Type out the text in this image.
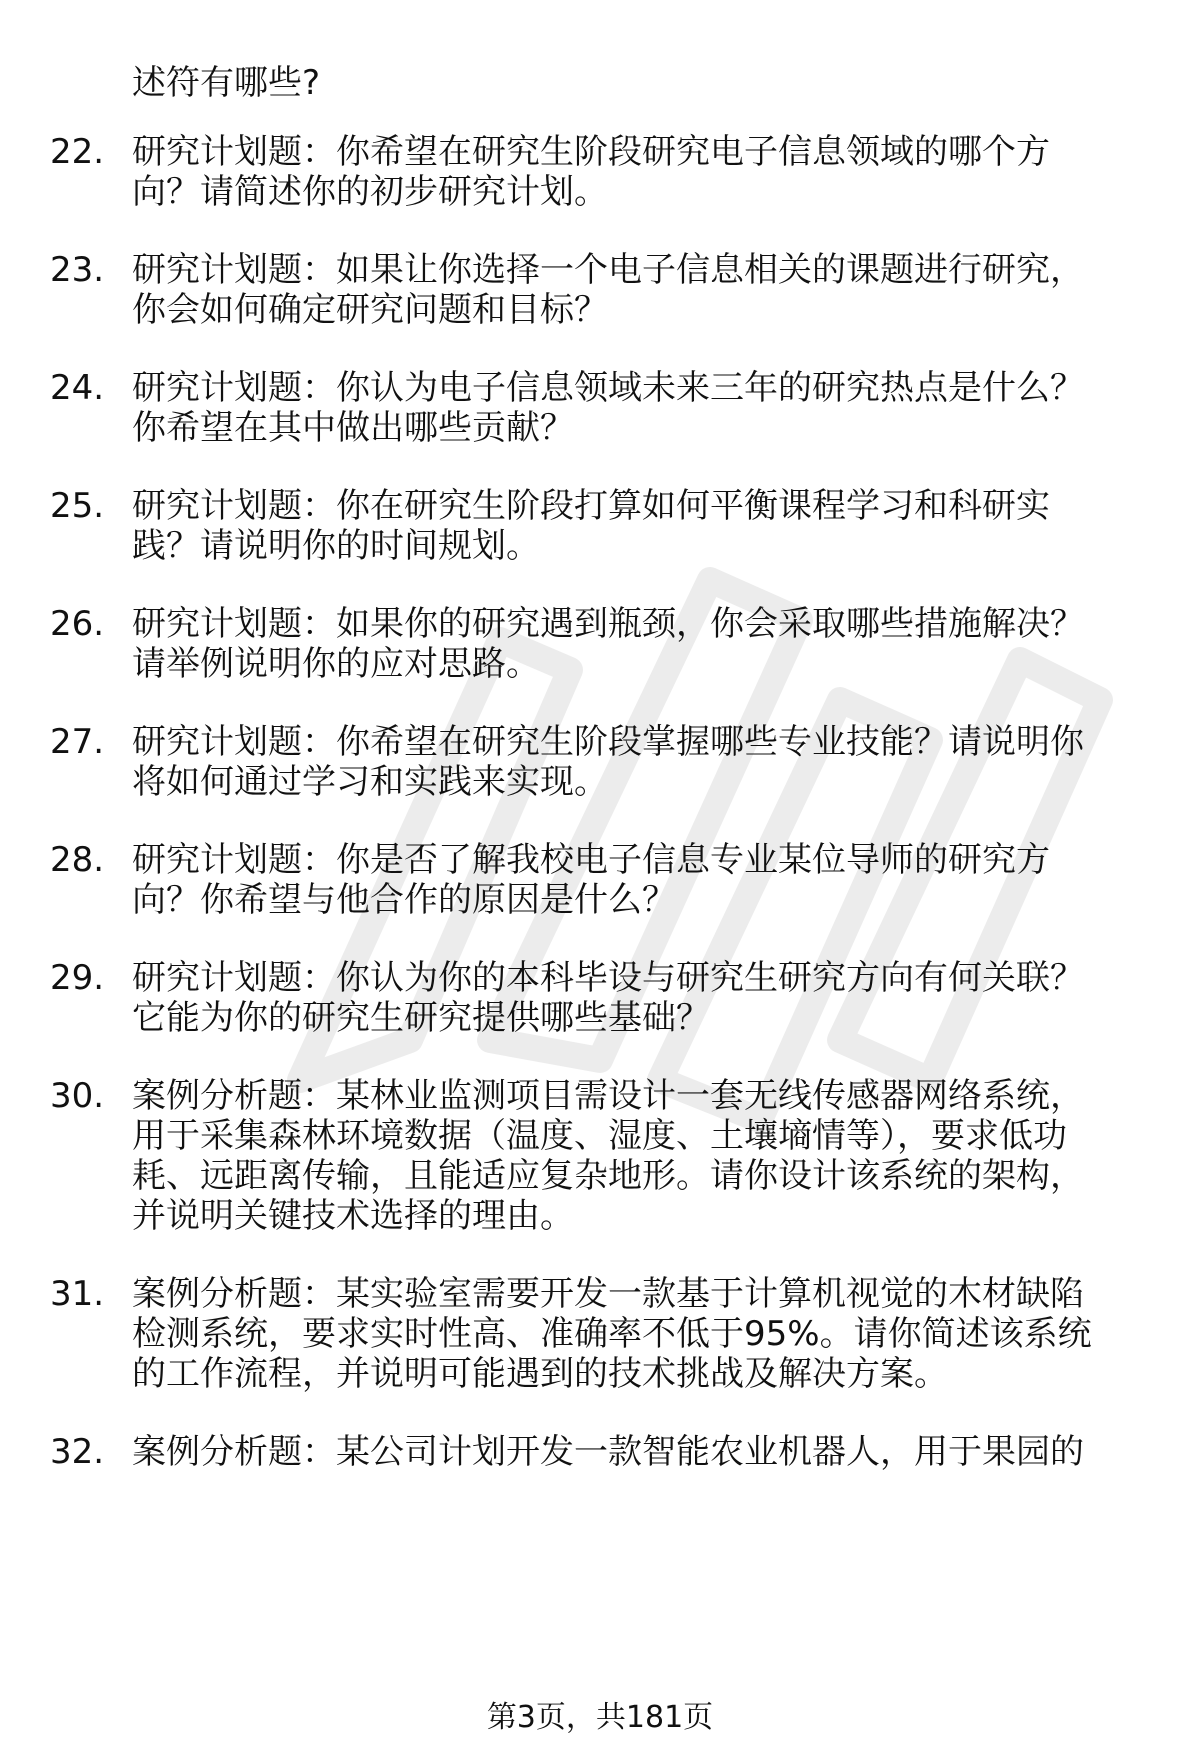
述符有哪些?
22. 研究计划题：你希望在研究生阶段研究电子信息领域的哪个方
向？请简述你的初步研究计划。
23. 研究计划题：如果让你选择一个电子信息相关的课题进行研究，
你会如何确定研究问题和目标？
24. 研究计划题：你认为电子信息领域未来三年的研究热点是什么？
你希望在其中做出哪些贡献？
25. 研究计划题：你在研究生阶段打算如何平衡课程学习和科研实
践？请说明你的时间规划。
26. 研究计划题：如果你的研究遇到瓶颈，你会采取哪些措施解决？
请举例说明你的应对思路。
27. 研究计划题：你希望在研究生阶段掌握哪些专业技能？请说明你
将如何通过学习和实践来实现。
28. 研究计划题：你是否了解我校电子信息专业某位导师的研究方
向？你希望与他合作的原因是什么？
29. 研究计划题：你认为你的本科毕设与研究生研究方向有何关联？
它能为你的研究生研究提供哪些基础？
30. 案例分析题：某林业监测项目需设计一套无线传感器网络系统，
用于采集森林环境数据（温度、湿度、土壤墒情等），要求低功
耗、远距离传输，且能适应复杂地形。请你设计该系统的架构，
并说明关键技术选择的理由。
31. 案例分析题：某实验室需要开发一款基于计算机视觉的木材缺陷
检测系统，要求实时性高、准确率不低于95%。请你简述该系统
的工作流程，并说明可能遇到的技术挑战及解决方案。
32. 案例分析题：某公司计划开发一款智能农业机器人，用于果园的
第3页，共181页
